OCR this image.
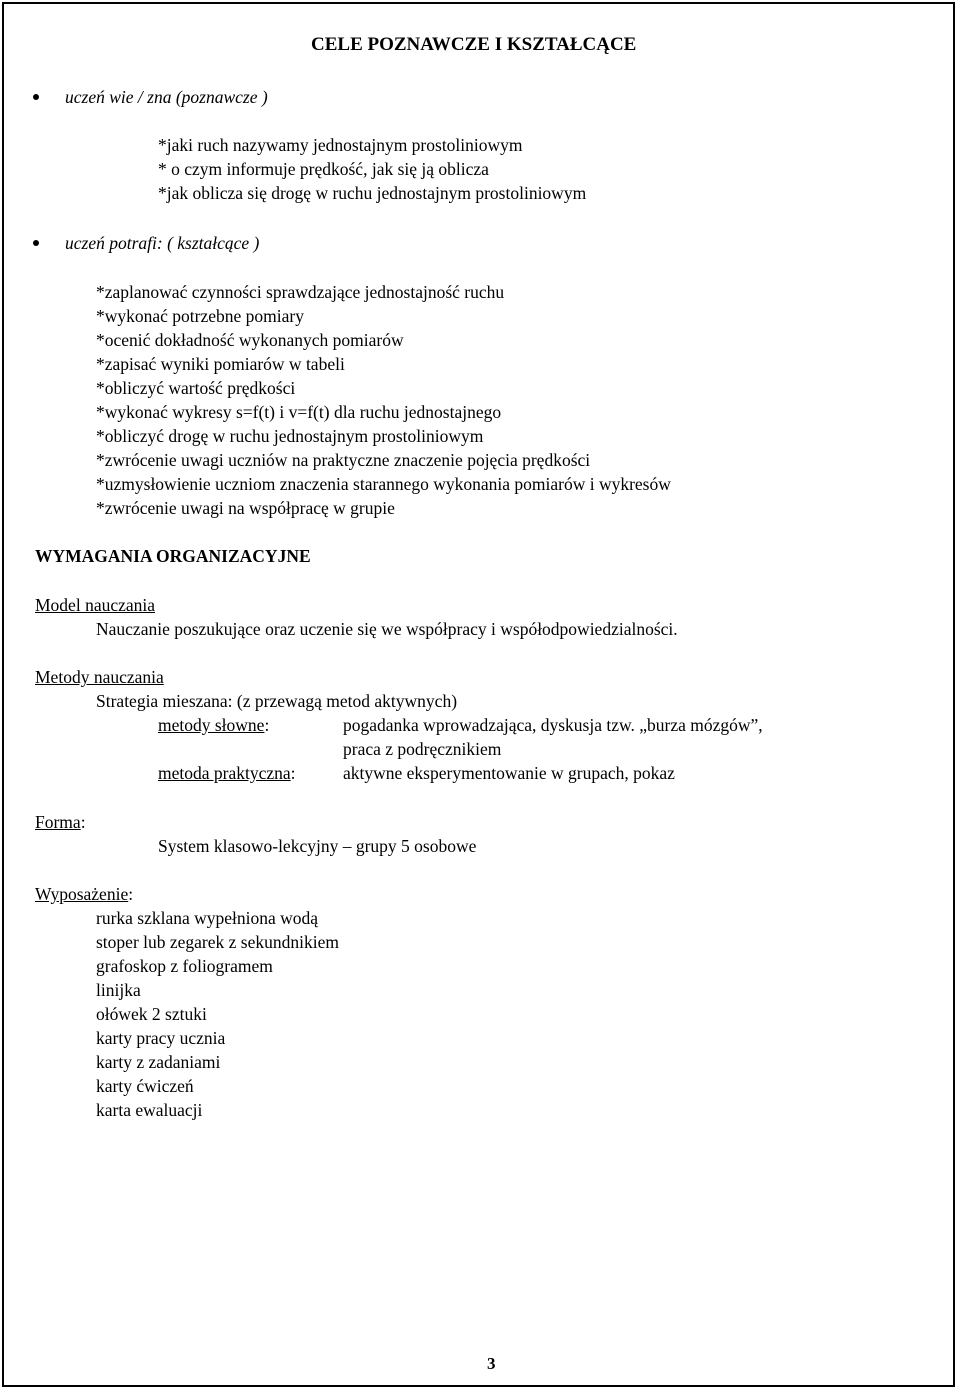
CELE POZNAWCZE I KSZTAŁCĄCE
uczeń wie / zna (poznawcze )
*jaki ruch nazywamy jednostajnym prostoliniowym
* o czym informuje prędkość, jak się ją oblicza
*jak oblicza się drogę w ruchu jednostajnym prostoliniowym
uczeń potrafi: ( kształcące )
*zaplanować czynności sprawdzające jednostajność ruchu
*wykonać potrzebne pomiary
*ocenić dokładność wykonanych pomiarów
*zapisać wyniki pomiarów w tabeli
*obliczyć wartość prędkości
*wykonać wykresy s=f(t) i v=f(t) dla ruchu jednostajnego
*obliczyć drogę w ruchu jednostajnym prostoliniowym
*zwrócenie uwagi uczniów na praktyczne znaczenie pojęcia prędkości
*uzmysłowienie uczniom znaczenia starannego wykonania pomiarów i wykresów
*zwrócenie uwagi na współpracę w grupie
WYMAGANIA ORGANIZACYJNE
Model nauczania
Nauczanie poszukujące oraz uczenie się we współpracy i współodpowiedzialności.
Metody nauczania
Strategia mieszana: (z przewagą metod aktywnych)
metody słowne:	pogadanka wprowadzająca, dyskusja tzw. „burza mózgów”,
praca z podręcznikiem
metoda praktyczna:	aktywne eksperymentowanie w grupach, pokaz
Forma:
System klasowo-lekcyjny – grupy 5 osobowe
Wyposażenie:
rurka szklana wypełniona wodą
stoper lub zegarek z sekundnikiem
grafoskop z foliogramem
linijka
ołówek 2 sztuki
karty pracy ucznia
karty z zadaniami
karty ćwiczeń
karta ewaluacji
3
